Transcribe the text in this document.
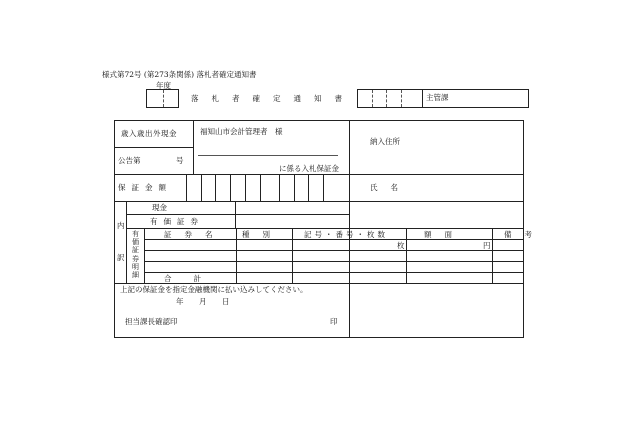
様式第72号 (第273条関係) 落札者確定通知書
年度
落札者確定通知書	主管課
歳入歳出外現金	福知山市会計管理者　様
に係る入札保証金
公告第	号
保証金額
納入住所
氏名
内
訳
現金
有価証券
有価証券明細
証券名 種別	記号・番号・枚数	額面	備考
枚	円
合計
上記の保証金を指定金融機関に払い込みしてください。
年　月　日
担当課長確認印	印
